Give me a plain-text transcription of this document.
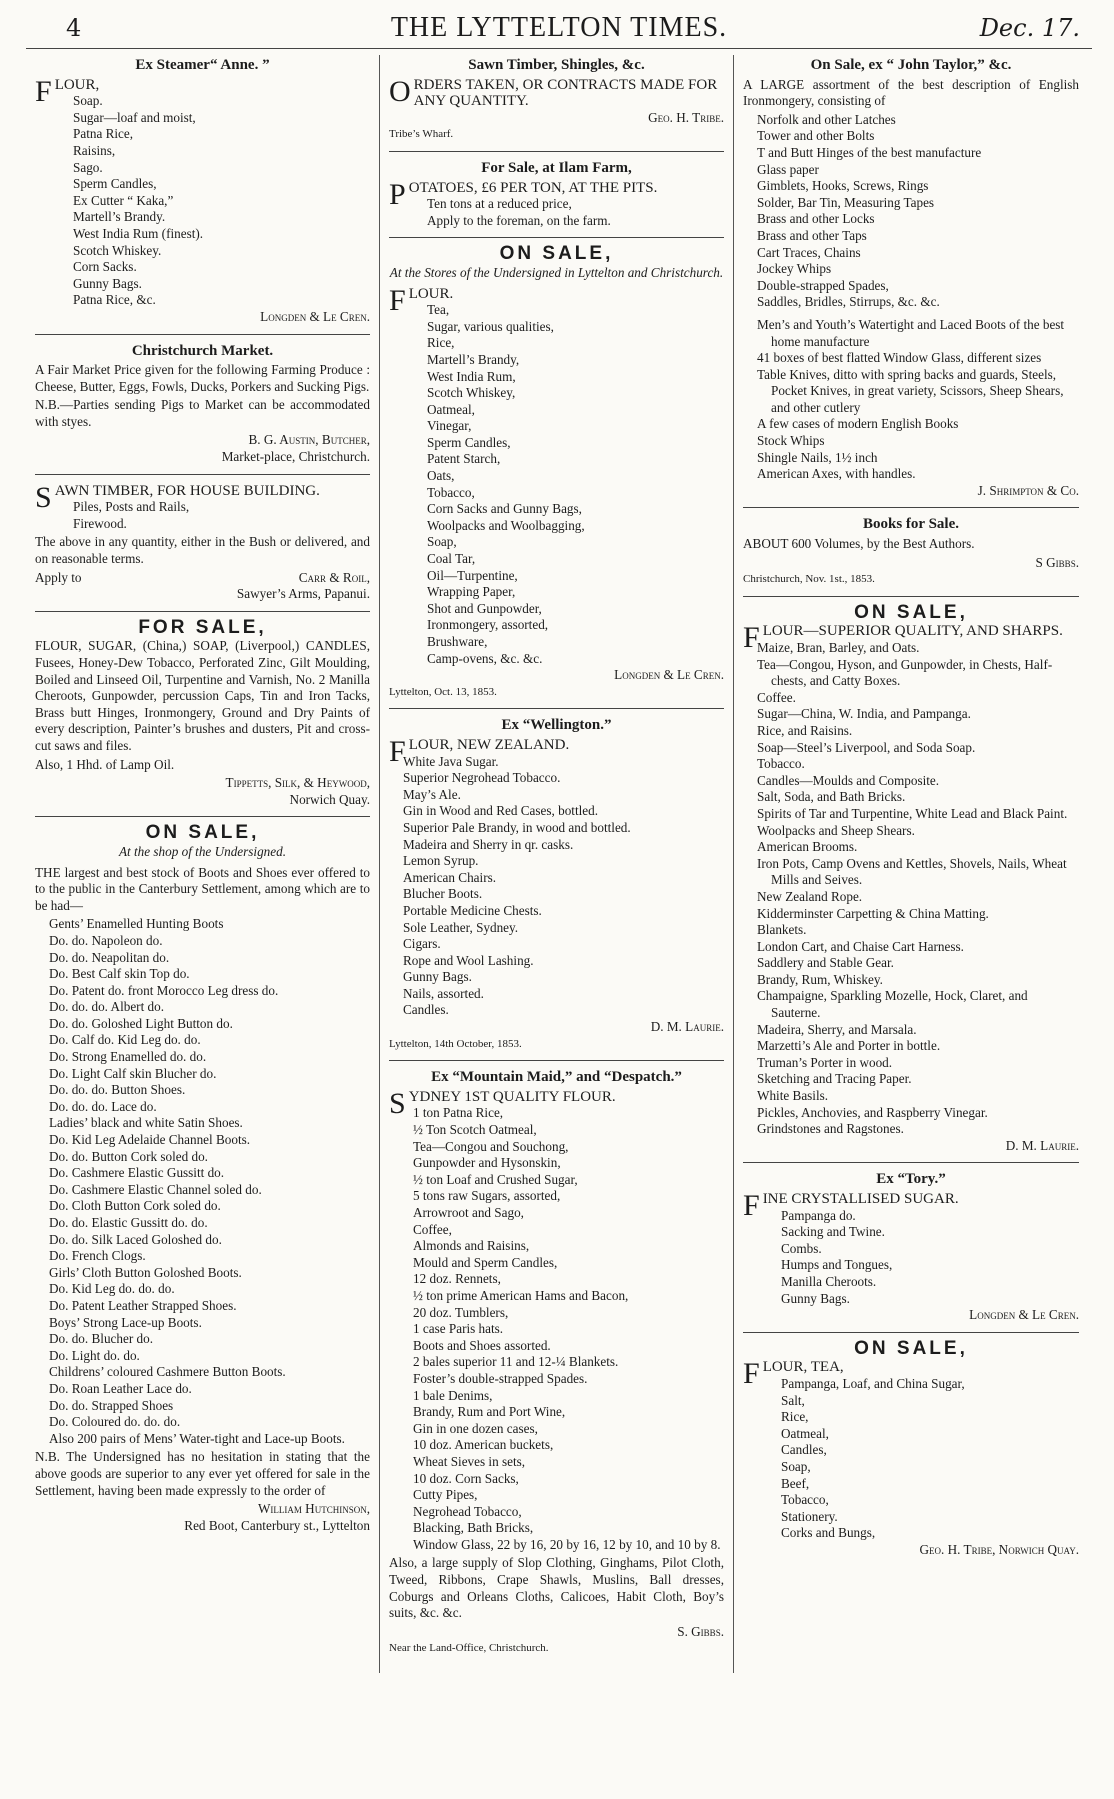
4	THE LYTTELTON TIMES.	Dec. 17.
Ex Steamer“ Anne. ”

FLOUR,

Soap.
Sugar—loaf and moist,
Patna Rice,
Raisins,
Sago.
Sperm Candles,
Ex Cutter “ Kaka,”
Martell’s Brandy.
West India Rum (finest).
Scotch Whiskey.
Corn Sacks.
Gunny Bags.
Patna Rice, &c.
Longden & Le Cren.
Christchurch Market.

A Fair Market Price given for the following Farming Produce : Cheese, Butter, Eggs, Fowls, Ducks, Porkers and Sucking Pigs.

N.B.—Parties sending Pigs to Market can be accommodated with styes.

B. G. Austin, Butcher,
Market-place, Christchurch.

SAWN TIMBER, FOR HOUSE BUILDING.

Piles, Posts and Rails,
Firewood.

The above in any quantity, either in the Bush or delivered, and on reasonable terms.

Apply to	Carr & Roil,
Sawyer’s Arms, Papanui.
FOR SALE,

FLOUR, SUGAR, (China,) SOAP, (Liverpool,) CANDLES, Fusees, Honey-Dew Tobacco, Perforated Zinc, Gilt Moulding, Boiled and Linseed Oil, Turpentine and Varnish, No. 2 Manilla Cheroots, Gunpowder, percussion Caps, Tin and Iron Tacks, Brass butt Hinges, Ironmongery, Ground and Dry Paints of every description, Painter’s brushes and dusters, Pit and cross-cut saws and files.

Also, 1 Hhd. of Lamp Oil.

Tippetts, Silk, & Heywood,
Norwich Quay.
ON SALE,
At the shop of the Undersigned.

THE largest and best stock of Boots and Shoes ever offered to to the public in the Canterbury Settlement, among which are to be had—

Gents’ Enamelled Hunting Boots
Do. do. Napoleon do.
Do. do. Neapolitan do.
Do. Best Calf skin Top do.
Do. Patent do. front Morocco Leg dress do.
Do. do. do. Albert do.
Do. do. Goloshed Light Button do.
Do. Calf do. Kid Leg do. do.
Do. Strong Enamelled do. do.
Do. Light Calf skin Blucher do.
Do. do. do. Button Shoes.
Do. do. do. Lace do.
Ladies’ black and white Satin Shoes.
Do. Kid Leg Adelaide Channel Boots.
Do. do. Button Cork soled do.
Do. Cashmere Elastic Gussitt do.
Do. Cashmere Elastic Channel soled do.
Do. Cloth Button Cork soled do.
Do. do. Elastic Gussitt do. do.
Do. do. Silk Laced Goloshed do.
Do. French Clogs.
Girls’ Cloth Button Goloshed Boots.
Do. Kid Leg do. do. do.
Do. Patent Leather Strapped Shoes.
Boys’ Strong Lace-up Boots.
Do. do. Blucher do.
Do. Light do. do.
Childrens’ coloured Cashmere Button Boots.
Do. Roan Leather Lace do.
Do. do. Strapped Shoes
Do. Coloured do. do. do.
Also 200 pairs of Mens’ Water-tight and Lace-up Boots.

N.B. The Undersigned has no hesitation in stating that the above goods are superior to any ever yet offered for sale in the Settlement, having been made expressly to the order of

William Hutchinson,
Red Boot, Canterbury st., Lyttelton
Sawn Timber, Shingles, &c.

ORDERS TAKEN, OR CONTRACTS MADE FOR ANY QUANTITY.

Geo. H. Tribe.
Tribe’s Wharf.
For Sale, at Ilam Farm,

POTATOES, £6 PER TON, AT THE PITS.

Ten tons at a reduced price,
Apply to the foreman, on the farm.
ON SALE,
At the Stores of the Undersigned in Lyttelton and Christchurch.

FLOUR.

Tea,
Sugar, various qualities,
Rice,
Martell’s Brandy,
West India Rum,
Scotch Whiskey,
Oatmeal,
Vinegar,
Sperm Candles,
Patent Starch,
Oats,
Tobacco,
Corn Sacks and Gunny Bags,
Woolpacks and Woolbagging,
Soap,
Coal Tar,
Oil—Turpentine,
Wrapping Paper,
Shot and Gunpowder,
Ironmongery, assorted,
Brushware,
Camp-ovens, &c. &c.
Longden & Le Cren.
Lyttelton, Oct. 13, 1853.
Ex “Wellington.”

FLOUR, NEW ZEALAND.

White Java Sugar.
Superior Negrohead Tobacco.
May’s Ale.
Gin in Wood and Red Cases, bottled.
Superior Pale Brandy, in wood and bottled.
Madeira and Sherry in qr. casks.
Lemon Syrup.
American Chairs.
Blucher Boots.
Portable Medicine Chests.
Sole Leather, Sydney.
Cigars.
Rope and Wool Lashing.
Gunny Bags.
Nails, assorted.
Candles.
D. M. Laurie.
Lyttelton, 14th October, 1853.
Ex “Mountain Maid,” and “Despatch.”

SYDNEY 1ST QUALITY FLOUR.

1 ton Patna Rice,
½ Ton Scotch Oatmeal,
Tea—Congou and Souchong,
Gunpowder and Hysonskin,
½ ton Loaf and Crushed Sugar,
5 tons raw Sugars, assorted,
Arrowroot and Sago,
Coffee,
Almonds and Raisins,
Mould and Sperm Candles,
12 doz. Rennets,
½ ton prime American Hams and Bacon,
20 doz. Tumblers,
1 case Paris hats.
Boots and Shoes assorted.
2 bales superior 11 and 12-¼ Blankets.
Foster’s double-strapped Spades.
1 bale Denims,
Brandy, Rum and Port Wine,
Gin in one dozen cases,
10 doz. American buckets,
Wheat Sieves in sets,
10 doz. Corn Sacks,
Cutty Pipes,
Negrohead Tobacco,
Blacking, Bath Bricks,
Window Glass, 22 by 16, 20 by 16, 12 by 10, and 10 by 8.

Also, a large supply of Slop Clothing, Ginghams, Pilot Cloth, Tweed, Ribbons, Crape Shawls, Muslins, Ball dresses, Coburgs and Orleans Cloths, Calicoes, Habit Cloth, Boy’s suits, &c. &c.

S. Gibbs.
Near the Land-Office, Christchurch.
On Sale, ex “ John Taylor,” &c.

A LARGE assortment of the best description of English Ironmongery, consisting of

Norfolk and other Latches
Tower and other Bolts
T and Butt Hinges of the best manufacture
Glass paper
Gimblets, Hooks, Screws, Rings
Solder, Bar Tin, Measuring Tapes
Brass and other Locks
Brass and other Taps
Cart Traces, Chains
Jockey Whips
Double-strapped Spades,
Saddles, Bridles, Stirrups, &c. &c.
Men’s and Youth’s Watertight and Laced Boots of the best home manufacture
41 boxes of best flatted Window Glass, different sizes
Table Knives, ditto with spring backs and guards, Steels, Pocket Knives, in great variety, Scissors, Sheep Shears, and other cutlery
A few cases of modern English Books
Stock Whips
Shingle Nails, 1½ inch
American Axes, with handles.
J. Shrimpton & Co.
Books for Sale.

ABOUT 600 Volumes, by the Best Authors.

S Gibbs.
Christchurch, Nov. 1st., 1853.
ON SALE,

FLOUR—SUPERIOR QUALITY, AND SHARPS.

Maize, Bran, Barley, and Oats.
Tea—Congou, Hyson, and Gunpowder, in Chests, Half-chests, and Catty Boxes.
Coffee.
Sugar—China, W. India, and Pampanga.
Rice, and Raisins.
Soap—Steel’s Liverpool, and Soda Soap.
Tobacco.
Candles—Moulds and Composite.
Salt, Soda, and Bath Bricks.
Spirits of Tar and Turpentine, White Lead and Black Paint.
Woolpacks and Sheep Shears.
American Brooms.
Iron Pots, Camp Ovens and Kettles, Shovels, Nails, Wheat Mills and Seives.
New Zealand Rope.
Kidderminster Carpetting & China Matting.
Blankets.
London Cart, and Chaise Cart Harness.
Saddlery and Stable Gear.
Brandy, Rum, Whiskey.
Champaigne, Sparkling Mozelle, Hock, Claret, and Sauterne.
Madeira, Sherry, and Marsala.
Marzetti’s Ale and Porter in bottle.
Truman’s Porter in wood.
Sketching and Tracing Paper.
White Basils.
Pickles, Anchovies, and Raspberry Vinegar.
Grindstones and Ragstones.
D. M. Laurie.
Ex “Tory.”

FINE CRYSTALLISED SUGAR.

Pampanga do.
Sacking and Twine.
Combs.
Humps and Tongues,
Manilla Cheroots.
Gunny Bags.
Longden & Le Cren.
ON SALE,

FLOUR, TEA,

Pampanga, Loaf, and China Sugar,
Salt,
Rice,
Oatmeal,
Candles,
Soap,
Beef,
Tobacco,
Stationery.
Corks and Bungs,
Geo. H. Tribe, Norwich Quay.
